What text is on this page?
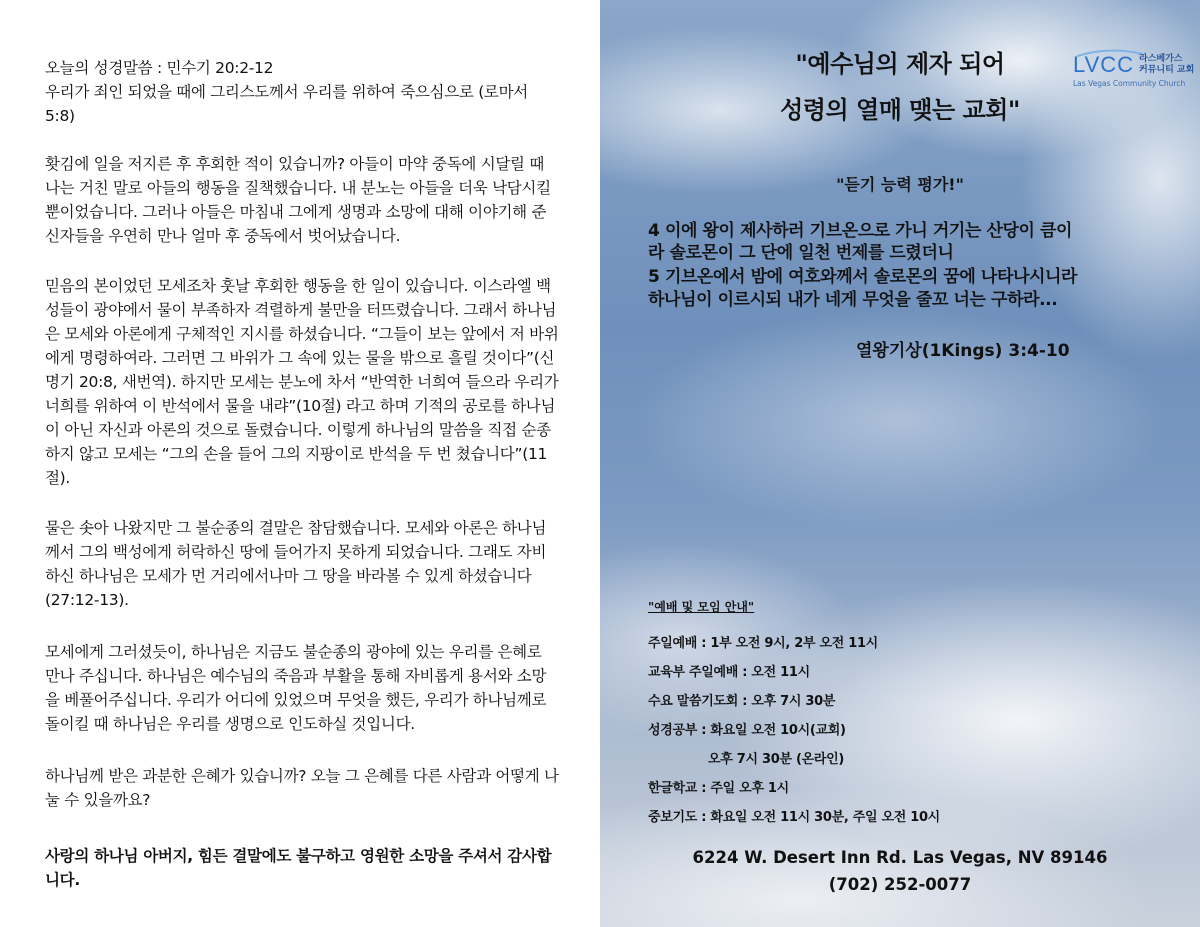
오늘의 성경말씀 : 민수기 20:2-12
우리가 죄인 되었을 때에 그리스도께서 우리를 위하여 죽으심으로 (로마서 5:8)

홧김에 일을 저지른 후 후회한 적이 있습니까? 아들이 마약 중독에 시달릴 때 나는 거친 말로 아들의 행동을 질책했습니다. 내 분노는 아들을 더욱 낙담시킬 뿐이었습니다. 그러나 아들은 마침내 그에게 생명과 소망에 대해 이야기해 준 신자들을 우연히 만나 얼마 후 중독에서 벗어났습니다.

믿음의 본이었던 모세조차 훗날 후회한 행동을 한 일이 있습니다. 이스라엘 백성들이 광야에서 물이 부족하자 격렬하게 불만을 터뜨렸습니다. 그래서 하나님은 모세와 아론에게 구체적인 지시를 하셨습니다. “그들이 보는 앞에서 저 바위에게 명령하여라. 그러면 그 바위가 그 속에 있는 물을 밖으로 흘릴 것이다”(신명기 20:8, 새번역). 하지만 모세는 분노에 차서 “반역한 너희여 들으라 우리가 너희를 위하여 이 반석에서 물을 내랴”(10절) 라고 하며 기적의 공로를 하나님이 아닌 자신과 아론의 것으로 돌렸습니다. 이렇게 하나님의 말씀을 직접 순종하지 않고 모세는 “그의 손을 들어 그의 지팡이로 반석을 두 번 쳤습니다”(11절).

물은 솟아 나왔지만 그 불순종의 결말은 참담했습니다. 모세와 아론은 하나님께서 그의 백성에게 허락하신 땅에 들어가지 못하게 되었습니다. 그래도 자비하신 하나님은 모세가 먼 거리에서나마 그 땅을 바라볼 수 있게 하셨습니다 (27:12-13).

모세에게 그러셨듯이, 하나님은 지금도 불순종의 광야에 있는 우리를 은혜로 만나 주십니다. 하나님은 예수님의 죽음과 부활을 통해 자비롭게 용서와 소망을 베풀어주십니다. 우리가 어디에 있었으며 무엇을 했든, 우리가 하나님께로 돌이킬 때 하나님은 우리를 생명으로 인도하실 것입니다.

하나님께 받은 과분한 은혜가 있습니까? 오늘 그 은혜를 다른 사람과 어떻게 나눌 수 있을까요?

사랑의 하나님 아버지, 힘든 결말에도 불구하고 영원한 소망을 주셔서 감사합니다.

"예수님의 제자 되어

성령의 열매 맺는 교회"

LVCC 라스베가스
커뮤니티 교회
Las Vegas Community Church

"듣기 능력 평가!"

4 이에 왕이 제사하러 기브온으로 가니 거기는 산당이 큼이

라 솔로몬이 그 단에 일천 번제를 드렸더니

5 기브온에서 밤에 여호와께서 솔로몬의 꿈에 나타나시니라

하나님이 이르시되 내가 네게 무엇을 줄꼬 너는 구하라...

열왕기상(1Kings) 3:4-10

"예배 및 모임 안내"

주일예배 : 1부 오전 9시, 2부 오전 11시

교육부 주일예배 : 오전 11시

수요 말씀기도회 : 오후 7시 30분

성경공부 : 화요일 오전 10시(교회)

오후 7시 30분 (온라인)

한글학교 : 주일 오후 1시

중보기도 : 화요일 오전 11시 30분, 주일 오전 10시

6224 W. Desert Inn Rd. Las Vegas, NV 89146

(702) 252-0077
